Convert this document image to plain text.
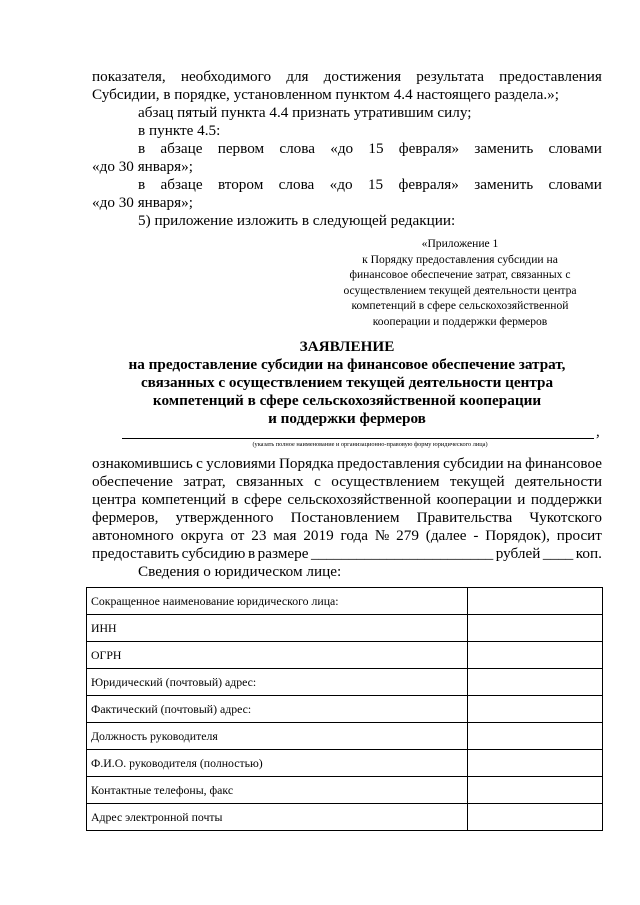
показателя, необходимого для достижения результата предоставления
Субсидии, в порядке, установленном пунктом 4.4 настоящего раздела.»;
абзац пятый пункта 4.4 признать утратившим силу;
в пункте 4.5:
в абзаце первом слова «до 15 февраля» заменить словами
«до 30 января»;
в абзаце втором слова «до 15 февраля» заменить словами
«до 30 января»;
5) приложение изложить в следующей редакции:
«Приложение 1
к Порядку предоставления субсидии на
финансовое обеспечение затрат, связанных с
осуществлением текущей деятельности центра
компетенций в сфере сельскохозяйственной
кооперации и поддержки фермеров
ЗАЯВЛЕНИЕ
на предоставление субсидии на финансовое обеспечение затрат,
связанных с осуществлением текущей деятельности центра
компетенций в сфере сельскохозяйственной кооперации
и поддержки фермеров
,
(указать полное наименование и организационно-правовую форму юридического лица)
ознакомившись с условиями Порядка предоставления субсидии на финансовое
обеспечение затрат, связанных с осуществлением текущей деятельности
центра компетенций в сфере сельскохозяйственной кооперации и поддержки
фермеров, утвержденного Постановлением Правительства Чукотского
автономного округа от 23 мая 2019 года № 279 (далее - Порядок), просит
предоставить субсидию в размере ________________________ рублей ____ коп.
Сведения о юридическом лице:
Сокращенное наименование юридического лица:	
ИНН	
ОГРН	
Юридический (почтовый) адрес:	
Фактический (почтовый) адрес:	
Должность руководителя	
Ф.И.О. руководителя (полностью)	
Контактные телефоны, факс	
Адрес электронной почты	
